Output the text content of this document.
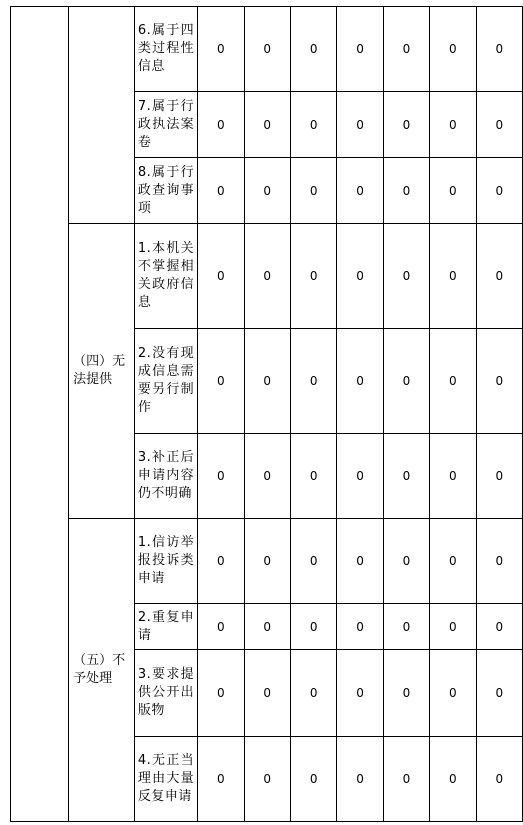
		6.属于四类过程性信息	0	0	0	0	0	0	0
		7.属于行政执法案卷	0	0	0	0	0	0	0
		8.属于行政查询事项	0	0	0	0	0	0	0
	（四）无法提供	1.本机关不掌握相关政府信息	0	0	0	0	0	0	0
		2.没有现成信息需要另行制作	0	0	0	0	0	0	0
		3.补正后申请内容仍不明确	0	0	0	0	0	0	0
	（五）不予处理	1.信访举报投诉类申请	0	0	0	0	0	0	0
		2.重复申请	0	0	0	0	0	0	0
		3.要求提供公开出版物	0	0	0	0	0	0	0
		4.无正当理由大量反复申请	0	0	0	0	0	0	0
